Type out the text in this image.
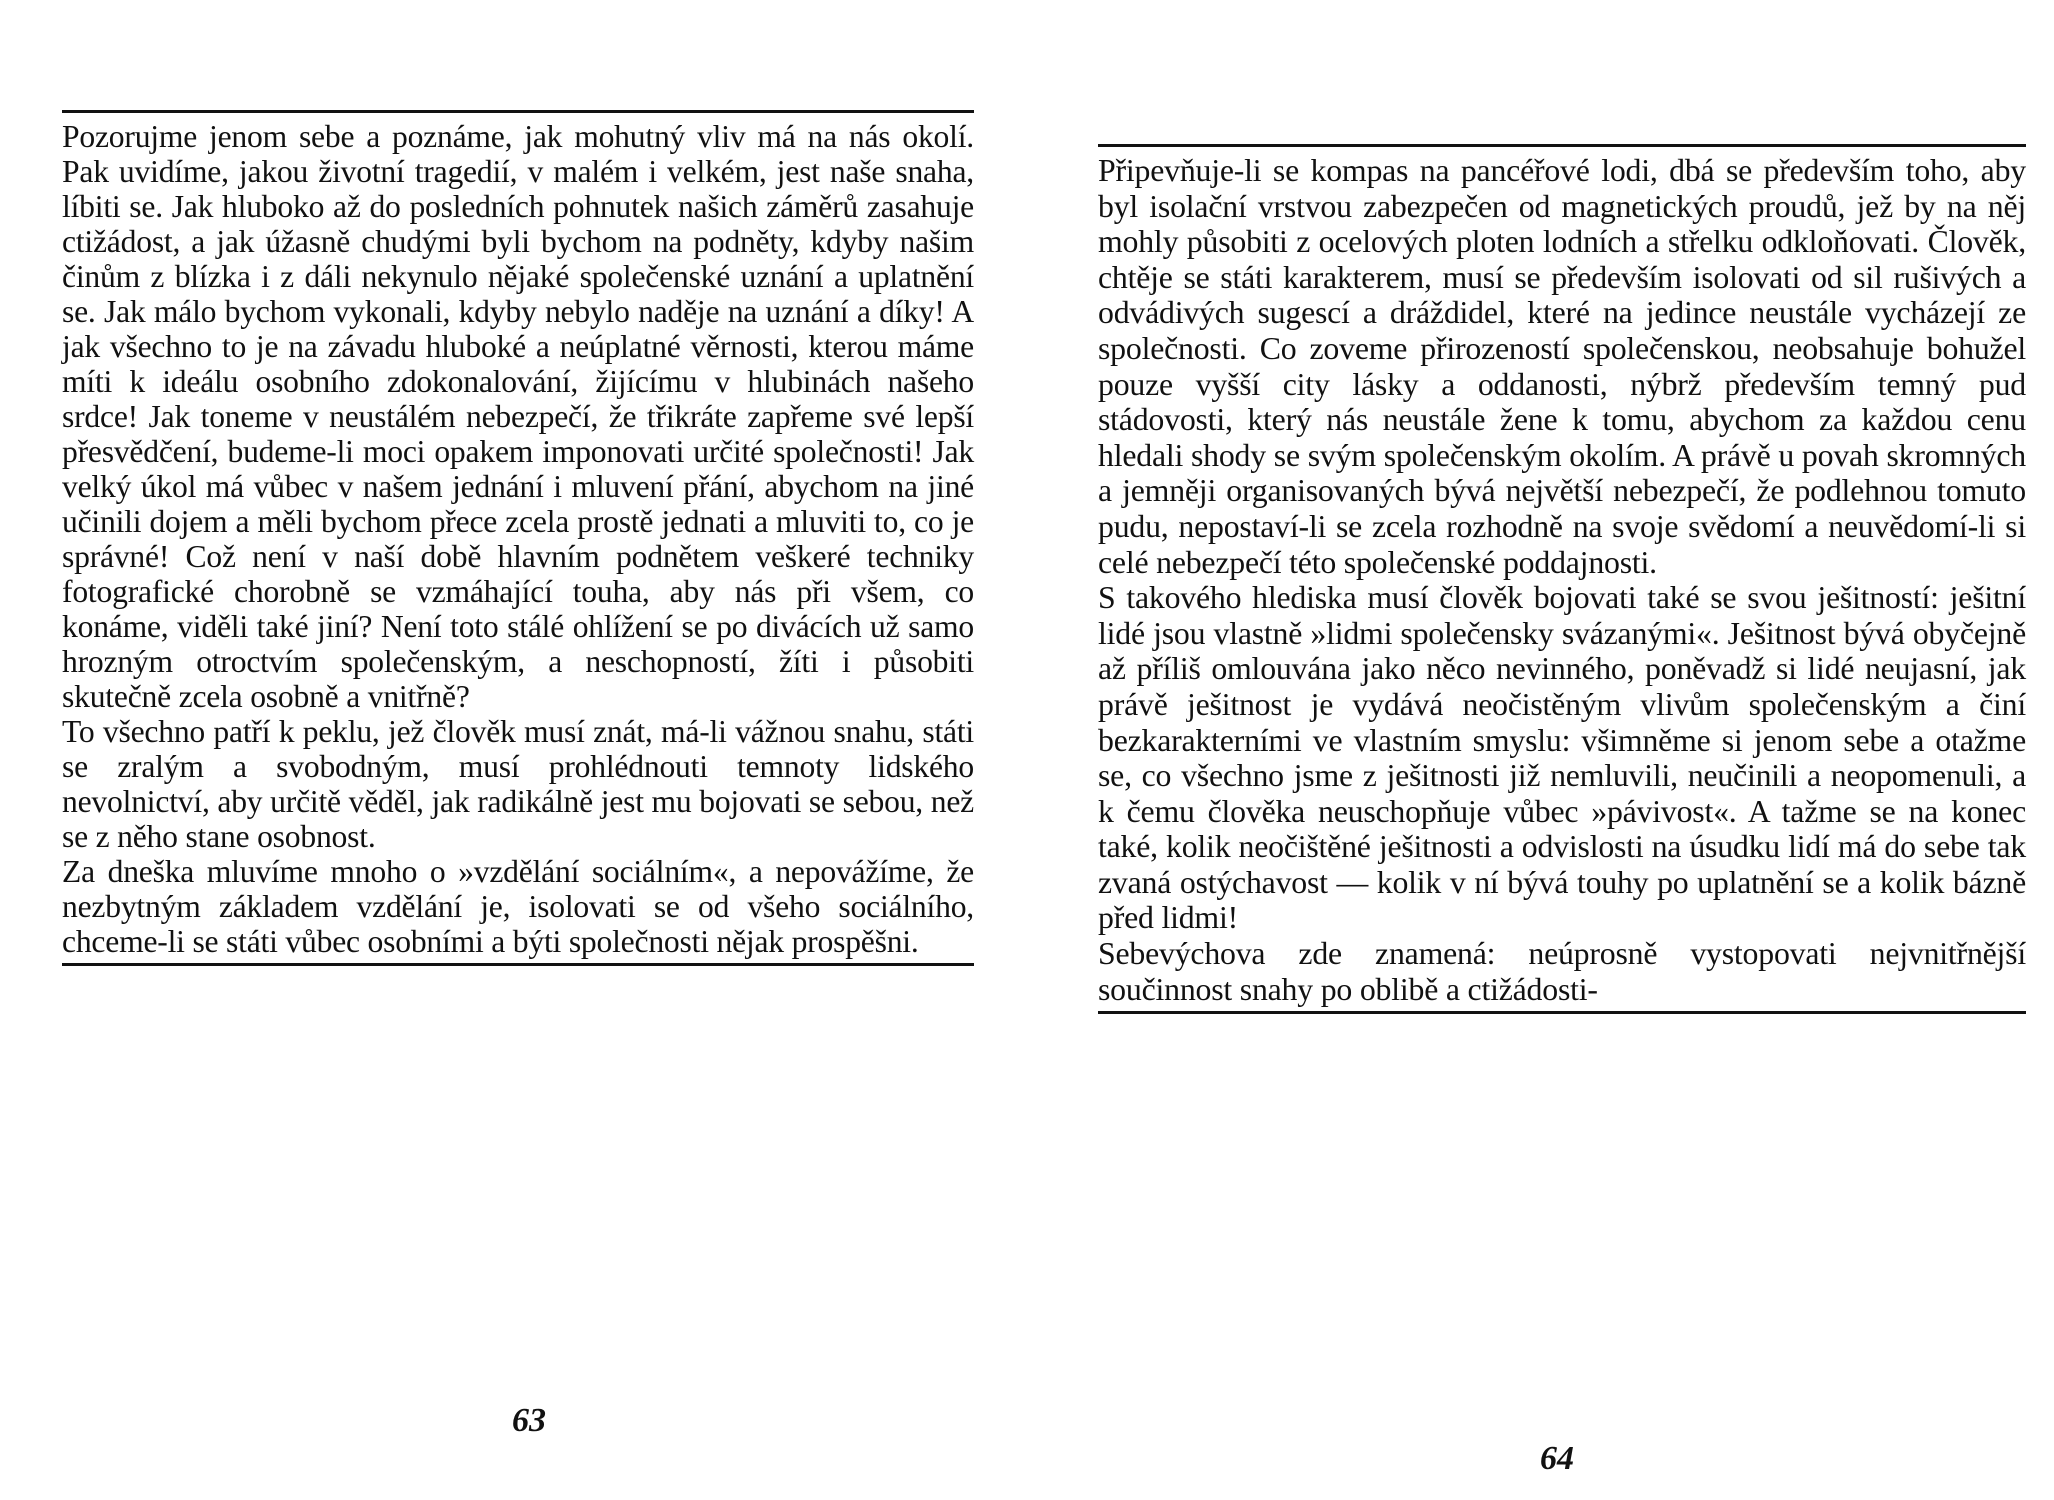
Pozorujme jenom sebe a poznáme, jak mohutný vliv má na nás okolí. Pak uvidíme, jakou životní tragedií, v malém i velkém, jest naše snaha, líbiti se. Jak hluboko až do posledních pohnutek našich záměrů zasahuje ctižádost, a jak úžasně chudými byli bychom na podněty, kdyby našim činům z blízka i z dáli nekynulo nějaké společenské uznání a uplatnění se. Jak málo bychom vykonali, kdyby nebylo naděje na uznání a díky! A jak všechno to je na závadu hluboké a neúplatné věrnosti, kterou máme míti k ideálu osobního zdokonalování, žijícímu v hlubinách našeho srdce! Jak toneme v neustálém nebezpečí, že třikráte zapřeme své lepší přesvědčení, budeme-li moci opakem imponovati určité společnosti! Jak velký úkol má vůbec v našem jednání i mluvení přání, abychom na jiné učinili dojem a měli bychom přece zcela prostě jednati a mluviti to, co je správné! Což není v naší době hlavním podnětem veškeré techniky fotografické chorobně se vzmáhající touha, aby nás při všem, co konáme, viděli také jiní? Není toto stálé ohlížení se po divácích už samo hrozným otroctvím společenským, a neschopností, žíti i působiti skutečně zcela osobně a vnitřně?

To všechno patří k peklu, jež člověk musí znát, má-li vážnou snahu, státi se zralým a svobodným, musí prohlédnouti temnoty lidského nevolnictví, aby určitě věděl, jak radikálně jest mu bojovati se sebou, než se z něho stane osobnost.

Za dneška mluvíme mnoho o »vzdělání sociálním«, a nepovážíme, že nezbytným základem vzdělání je, isolovati se od všeho sociálního, chceme-li se státi vůbec osobními a býti společnosti nějak prospěšni.

63

Připevňuje-li se kompas na pancéřové lodi, dbá se především toho, aby byl isolační vrstvou zabezpečen od magnetických proudů, jež by na něj mohly působiti z ocelových ploten lodních a střelku odkloňovati. Člověk, chtěje se státi karakterem, musí se především isolovati od sil rušivých a odvádivých sugescí a dráždidel, které na jedince neustále vycházejí ze společnosti. Co zoveme přirozeností společenskou, neobsahuje bohužel pouze vyšší city lásky a oddanosti, nýbrž především temný pud stádovosti, který nás neustále žene k tomu, abychom za každou cenu hledali shody se svým společenským okolím. A právě u povah skromných a jemněji organisovaných bývá největší nebezpečí, že podlehnou tomuto pudu, nepostaví-li se zcela rozhodně na svoje svědomí a neuvědomí-li si celé nebezpečí této společenské poddajnosti.

S takového hlediska musí člověk bojovati také se svou ješitností: ješitní lidé jsou vlastně »lidmi společensky svázanými«. Ješitnost bývá obyčejně až příliš omlouvána jako něco nevinného, poněvadž si lidé neujasní, jak právě ješitnost je vydává neočistěným vlivům společenským a činí bezkarakterními ve vlastním smyslu: všimněme si jenom sebe a otažme se, co všechno jsme z ješitnosti již nemluvili, neučinili a neopomenuli, a k čemu člověka neuschopňuje vůbec »pávivost«. A tažme se na konec také, kolik neočištěné ješitnosti a odvislosti na úsudku lidí má do sebe tak zvaná ostýchavost — kolik v ní bývá touhy po uplatnění se a kolik bázně před lidmi!

Sebevýchova zde znamená: neúprosně vystopovati nejvnitřnější součinnost snahy po oblibě a ctižádosti-

64
